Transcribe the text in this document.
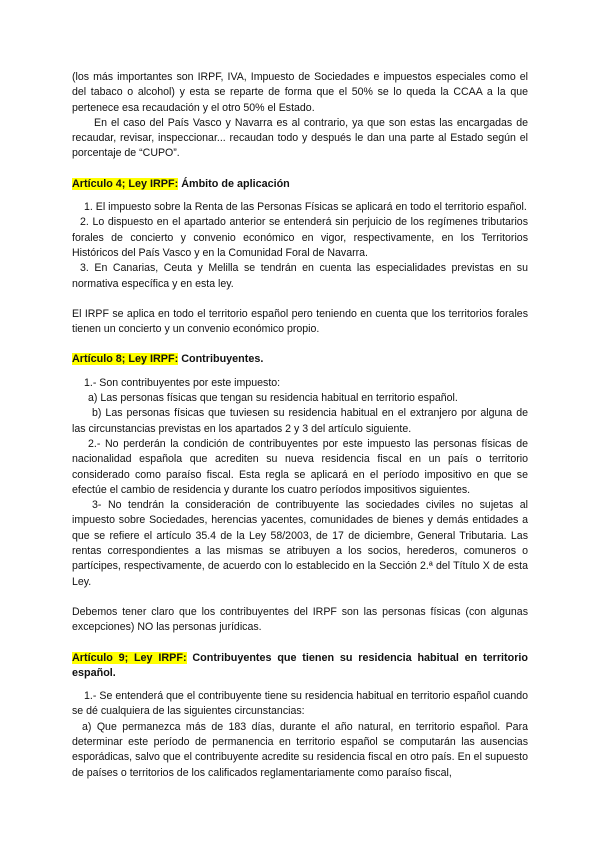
(los más importantes son IRPF, IVA, Impuesto de Sociedades e impuestos especiales como el del tabaco o alcohol) y esta se reparte de forma que el 50% se lo queda la CCAA a la que pertenece esa recaudación y el otro 50% el Estado.

En el caso del País Vasco y Navarra es al contrario, ya que son estas las encargadas de recaudar, revisar, inspeccionar... recaudan todo y después le dan una parte al Estado según el porcentaje de “CUPO”.

Artículo 4; Ley IRPF: Ámbito de aplicación

1. El impuesto sobre la Renta de las Personas Físicas se aplicará en todo el territorio español.

2. Lo dispuesto en el apartado anterior se entenderá sin perjuicio de los regímenes tributarios forales de concierto y convenio económico en vigor, respectivamente, en los Territorios Históricos del País Vasco y en la Comunidad Foral de Navarra.

3. En Canarias, Ceuta y Melilla se tendrán en cuenta las especialidades previstas en su normativa específica y en esta ley.

El IRPF se aplica en todo el territorio español pero teniendo en cuenta que los territorios forales tienen un concierto y un convenio económico propio.

Artículo 8; Ley IRPF: Contribuyentes.

1.- Son contribuyentes por este impuesto:

a) Las personas físicas que tengan su residencia habitual en territorio español.

b) Las personas físicas que tuviesen su residencia habitual en el extranjero por alguna de las circunstancias previstas en los apartados 2 y 3 del artículo siguiente.

2.- No perderán la condición de contribuyentes por este impuesto las personas físicas de nacionalidad española que acrediten su nueva residencia fiscal en un país o territorio considerado como paraíso fiscal. Esta regla se aplicará en el período impositivo en que se efectúe el cambio de residencia y durante los cuatro períodos impositivos siguientes.

3- No tendrán la consideración de contribuyente las sociedades civiles no sujetas al impuesto sobre Sociedades, herencias yacentes, comunidades de bienes y demás entidades a que se refiere el artículo 35.4 de la Ley 58/2003, de 17 de diciembre, General Tributaria. Las rentas correspondientes a las mismas se atribuyen a los socios, herederos, comuneros o partícipes, respectivamente, de acuerdo con lo establecido en la Sección 2.ª del Título X de esta Ley.

Debemos tener claro que los contribuyentes del IRPF son las personas físicas (con algunas excepciones) NO las personas jurídicas.

Artículo 9; Ley IRPF: Contribuyentes que tienen su residencia habitual en territorio español.

1.- Se entenderá que el contribuyente tiene su residencia habitual en territorio español cuando se dé cualquiera de las siguientes circunstancias:

a) Que permanezca más de 183 días, durante el año natural, en territorio español. Para determinar este período de permanencia en territorio español se computarán las ausencias esporádicas, salvo que el contribuyente acredite su residencia fiscal en otro país. En el supuesto de países o territorios de los calificados reglamentariamente como paraíso fiscal,
